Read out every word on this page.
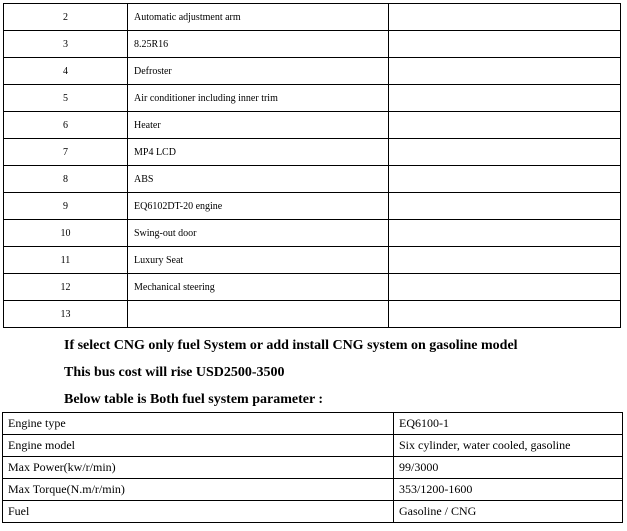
2	Automatic adjustment arm	
3	8.25R16	
4	Defroster	
5	Air conditioner including inner trim	
6	Heater	
7	MP4 LCD	
8	ABS	
9	EQ6102DT-20 engine	
10	Swing-out door	
11	Luxury Seat	
12	Mechanical steering	
13		
If select CNG only fuel System or add install CNG system on gasoline model
This bus cost will rise USD2500-3500
Below table is Both fuel system parameter :
Engine type	EQ6100-1
Engine model	Six cylinder, water cooled, gasoline
Max Power(kw/r/min)	99/3000
Max Torque(N.m/r/min)	353/1200-1600
Fuel	Gasoline / CNG
